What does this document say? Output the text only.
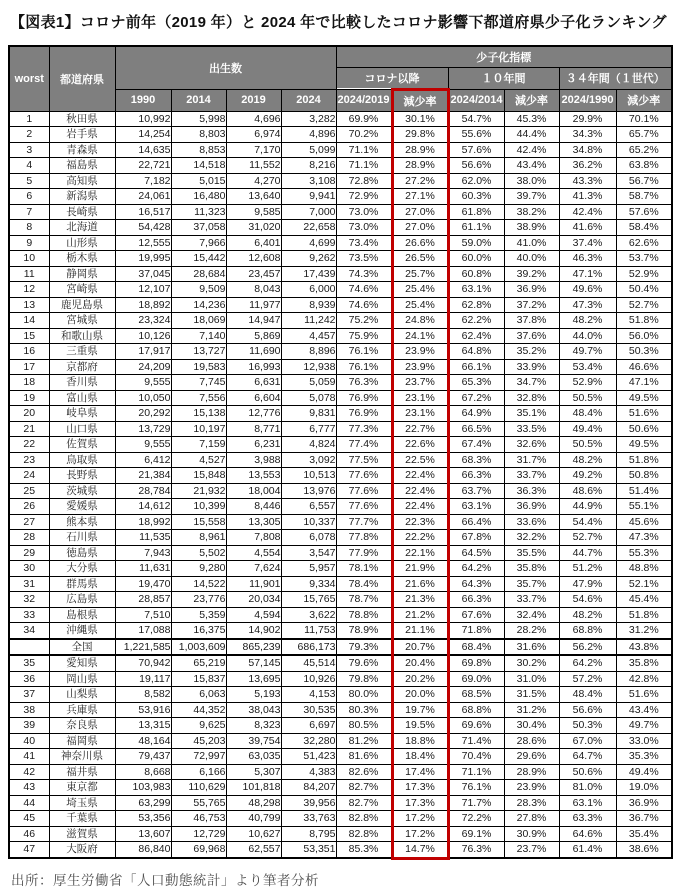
【図表1】コロナ前年（2019 年）と 2024 年で比較したコロナ影響下都道府県少子化ランキング
worst	都道府県	出生数				少子化指標					
						コロナ以降		１０年間		３４年間（１世代）	
		1990	2014	2019	2024	2024/2019	減少率	2024/2014	減少率	2024/1990	減少率
1	秋田県	10,992	5,998	4,696	3,282	69.9%	30.1%	54.7%	45.3%	29.9%	70.1%
2	岩手県	14,254	8,803	6,974	4,896	70.2%	29.8%	55.6%	44.4%	34.3%	65.7%
3	青森県	14,635	8,853	7,170	5,099	71.1%	28.9%	57.6%	42.4%	34.8%	65.2%
4	福島県	22,721	14,518	11,552	8,216	71.1%	28.9%	56.6%	43.4%	36.2%	63.8%
5	高知県	7,182	5,015	4,270	3,108	72.8%	27.2%	62.0%	38.0%	43.3%	56.7%
6	新潟県	24,061	16,480	13,640	9,941	72.9%	27.1%	60.3%	39.7%	41.3%	58.7%
7	長崎県	16,517	11,323	9,585	7,000	73.0%	27.0%	61.8%	38.2%	42.4%	57.6%
8	北海道	54,428	37,058	31,020	22,658	73.0%	27.0%	61.1%	38.9%	41.6%	58.4%
9	山形県	12,555	7,966	6,401	4,699	73.4%	26.6%	59.0%	41.0%	37.4%	62.6%
10	栃木県	19,995	15,442	12,608	9,262	73.5%	26.5%	60.0%	40.0%	46.3%	53.7%
11	静岡県	37,045	28,684	23,457	17,439	74.3%	25.7%	60.8%	39.2%	47.1%	52.9%
12	宮崎県	12,107	9,509	8,043	6,000	74.6%	25.4%	63.1%	36.9%	49.6%	50.4%
13	鹿児島県	18,892	14,236	11,977	8,939	74.6%	25.4%	62.8%	37.2%	47.3%	52.7%
14	宮城県	23,324	18,069	14,947	11,242	75.2%	24.8%	62.2%	37.8%	48.2%	51.8%
15	和歌山県	10,126	7,140	5,869	4,457	75.9%	24.1%	62.4%	37.6%	44.0%	56.0%
16	三重県	17,917	13,727	11,690	8,896	76.1%	23.9%	64.8%	35.2%	49.7%	50.3%
17	京都府	24,209	19,583	16,993	12,938	76.1%	23.9%	66.1%	33.9%	53.4%	46.6%
18	香川県	9,555	7,745	6,631	5,059	76.3%	23.7%	65.3%	34.7%	52.9%	47.1%
19	富山県	10,050	7,556	6,604	5,078	76.9%	23.1%	67.2%	32.8%	50.5%	49.5%
20	岐阜県	20,292	15,138	12,776	9,831	76.9%	23.1%	64.9%	35.1%	48.4%	51.6%
21	山口県	13,729	10,197	8,771	6,777	77.3%	22.7%	66.5%	33.5%	49.4%	50.6%
22	佐賀県	9,555	7,159	6,231	4,824	77.4%	22.6%	67.4%	32.6%	50.5%	49.5%
23	鳥取県	6,412	4,527	3,988	3,092	77.5%	22.5%	68.3%	31.7%	48.2%	51.8%
24	長野県	21,384	15,848	13,553	10,513	77.6%	22.4%	66.3%	33.7%	49.2%	50.8%
25	茨城県	28,784	21,932	18,004	13,976	77.6%	22.4%	63.7%	36.3%	48.6%	51.4%
26	愛媛県	14,612	10,399	8,446	6,557	77.6%	22.4%	63.1%	36.9%	44.9%	55.1%
27	熊本県	18,992	15,558	13,305	10,337	77.7%	22.3%	66.4%	33.6%	54.4%	45.6%
28	石川県	11,535	8,961	7,808	6,078	77.8%	22.2%	67.8%	32.2%	52.7%	47.3%
29	徳島県	7,943	5,502	4,554	3,547	77.9%	22.1%	64.5%	35.5%	44.7%	55.3%
30	大分県	11,631	9,280	7,624	5,957	78.1%	21.9%	64.2%	35.8%	51.2%	48.8%
31	群馬県	19,470	14,522	11,901	9,334	78.4%	21.6%	64.3%	35.7%	47.9%	52.1%
32	広島県	28,857	23,776	20,034	15,765	78.7%	21.3%	66.3%	33.7%	54.6%	45.4%
33	島根県	7,510	5,359	4,594	3,622	78.8%	21.2%	67.6%	32.4%	48.2%	51.8%
34	沖縄県	17,088	16,375	14,902	11,753	78.9%	21.1%	71.8%	28.2%	68.8%	31.2%
	全国	1,221,585	1,003,609	865,239	686,173	79.3%	20.7%	68.4%	31.6%	56.2%	43.8%
35	愛知県	70,942	65,219	57,145	45,514	79.6%	20.4%	69.8%	30.2%	64.2%	35.8%
36	岡山県	19,117	15,837	13,695	10,926	79.8%	20.2%	69.0%	31.0%	57.2%	42.8%
37	山梨県	8,582	6,063	5,193	4,153	80.0%	20.0%	68.5%	31.5%	48.4%	51.6%
38	兵庫県	53,916	44,352	38,043	30,535	80.3%	19.7%	68.8%	31.2%	56.6%	43.4%
39	奈良県	13,315	9,625	8,323	6,697	80.5%	19.5%	69.6%	30.4%	50.3%	49.7%
40	福岡県	48,164	45,203	39,754	32,280	81.2%	18.8%	71.4%	28.6%	67.0%	33.0%
41	神奈川県	79,437	72,997	63,035	51,423	81.6%	18.4%	70.4%	29.6%	64.7%	35.3%
42	福井県	8,668	6,166	5,307	4,383	82.6%	17.4%	71.1%	28.9%	50.6%	49.4%
43	東京都	103,983	110,629	101,818	84,207	82.7%	17.3%	76.1%	23.9%	81.0%	19.0%
44	埼玉県	63,299	55,765	48,298	39,956	82.7%	17.3%	71.7%	28.3%	63.1%	36.9%
45	千葉県	53,356	46,753	40,799	33,763	82.8%	17.2%	72.2%	27.8%	63.3%	36.7%
46	滋賀県	13,607	12,729	10,627	8,795	82.8%	17.2%	69.1%	30.9%	64.6%	35.4%
47	大阪府	86,840	69,968	62,557	53,351	85.3%	14.7%	76.3%	23.7%	61.4%	38.6%
出所：厚生労働省「人口動態統計」より筆者分析
